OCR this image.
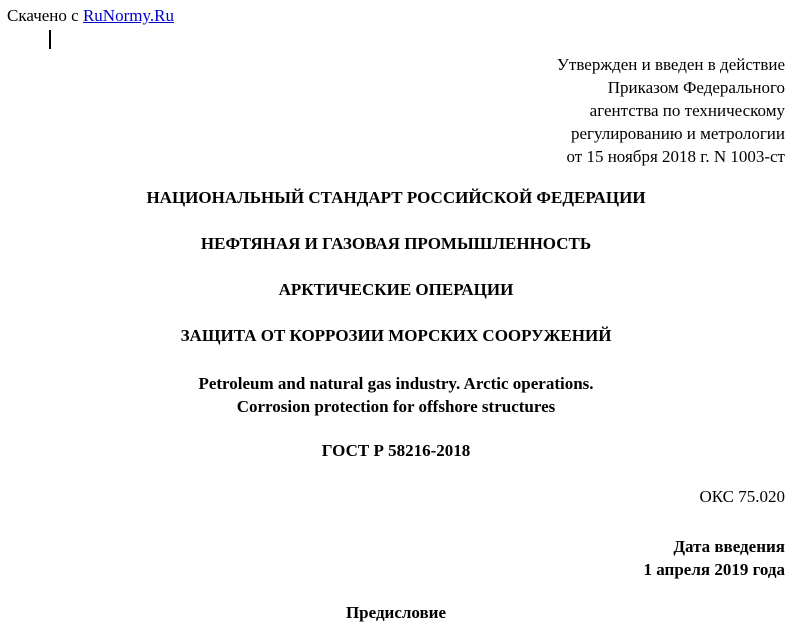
Скачено с RuNormy.Ru
Утвержден и введен в действие
Приказом Федерального
агентства по техническому
регулированию и метрологии
от 15 ноября 2018 г. N 1003-ст
НАЦИОНАЛЬНЫЙ СТАНДАРТ РОССИЙСКОЙ ФЕДЕРАЦИИ
НЕФТЯНАЯ И ГАЗОВАЯ ПРОМЫШЛЕННОСТЬ
АРКТИЧЕСКИЕ ОПЕРАЦИИ
ЗАЩИТА ОТ КОРРОЗИИ МОРСКИХ СООРУЖЕНИЙ
Petroleum and natural gas industry. Arctic operations.
Corrosion protection for offshore structures
ГОСТ Р 58216-2018
ОКС 75.020
Дата введения
1 апреля 2019 года
Предисловие
